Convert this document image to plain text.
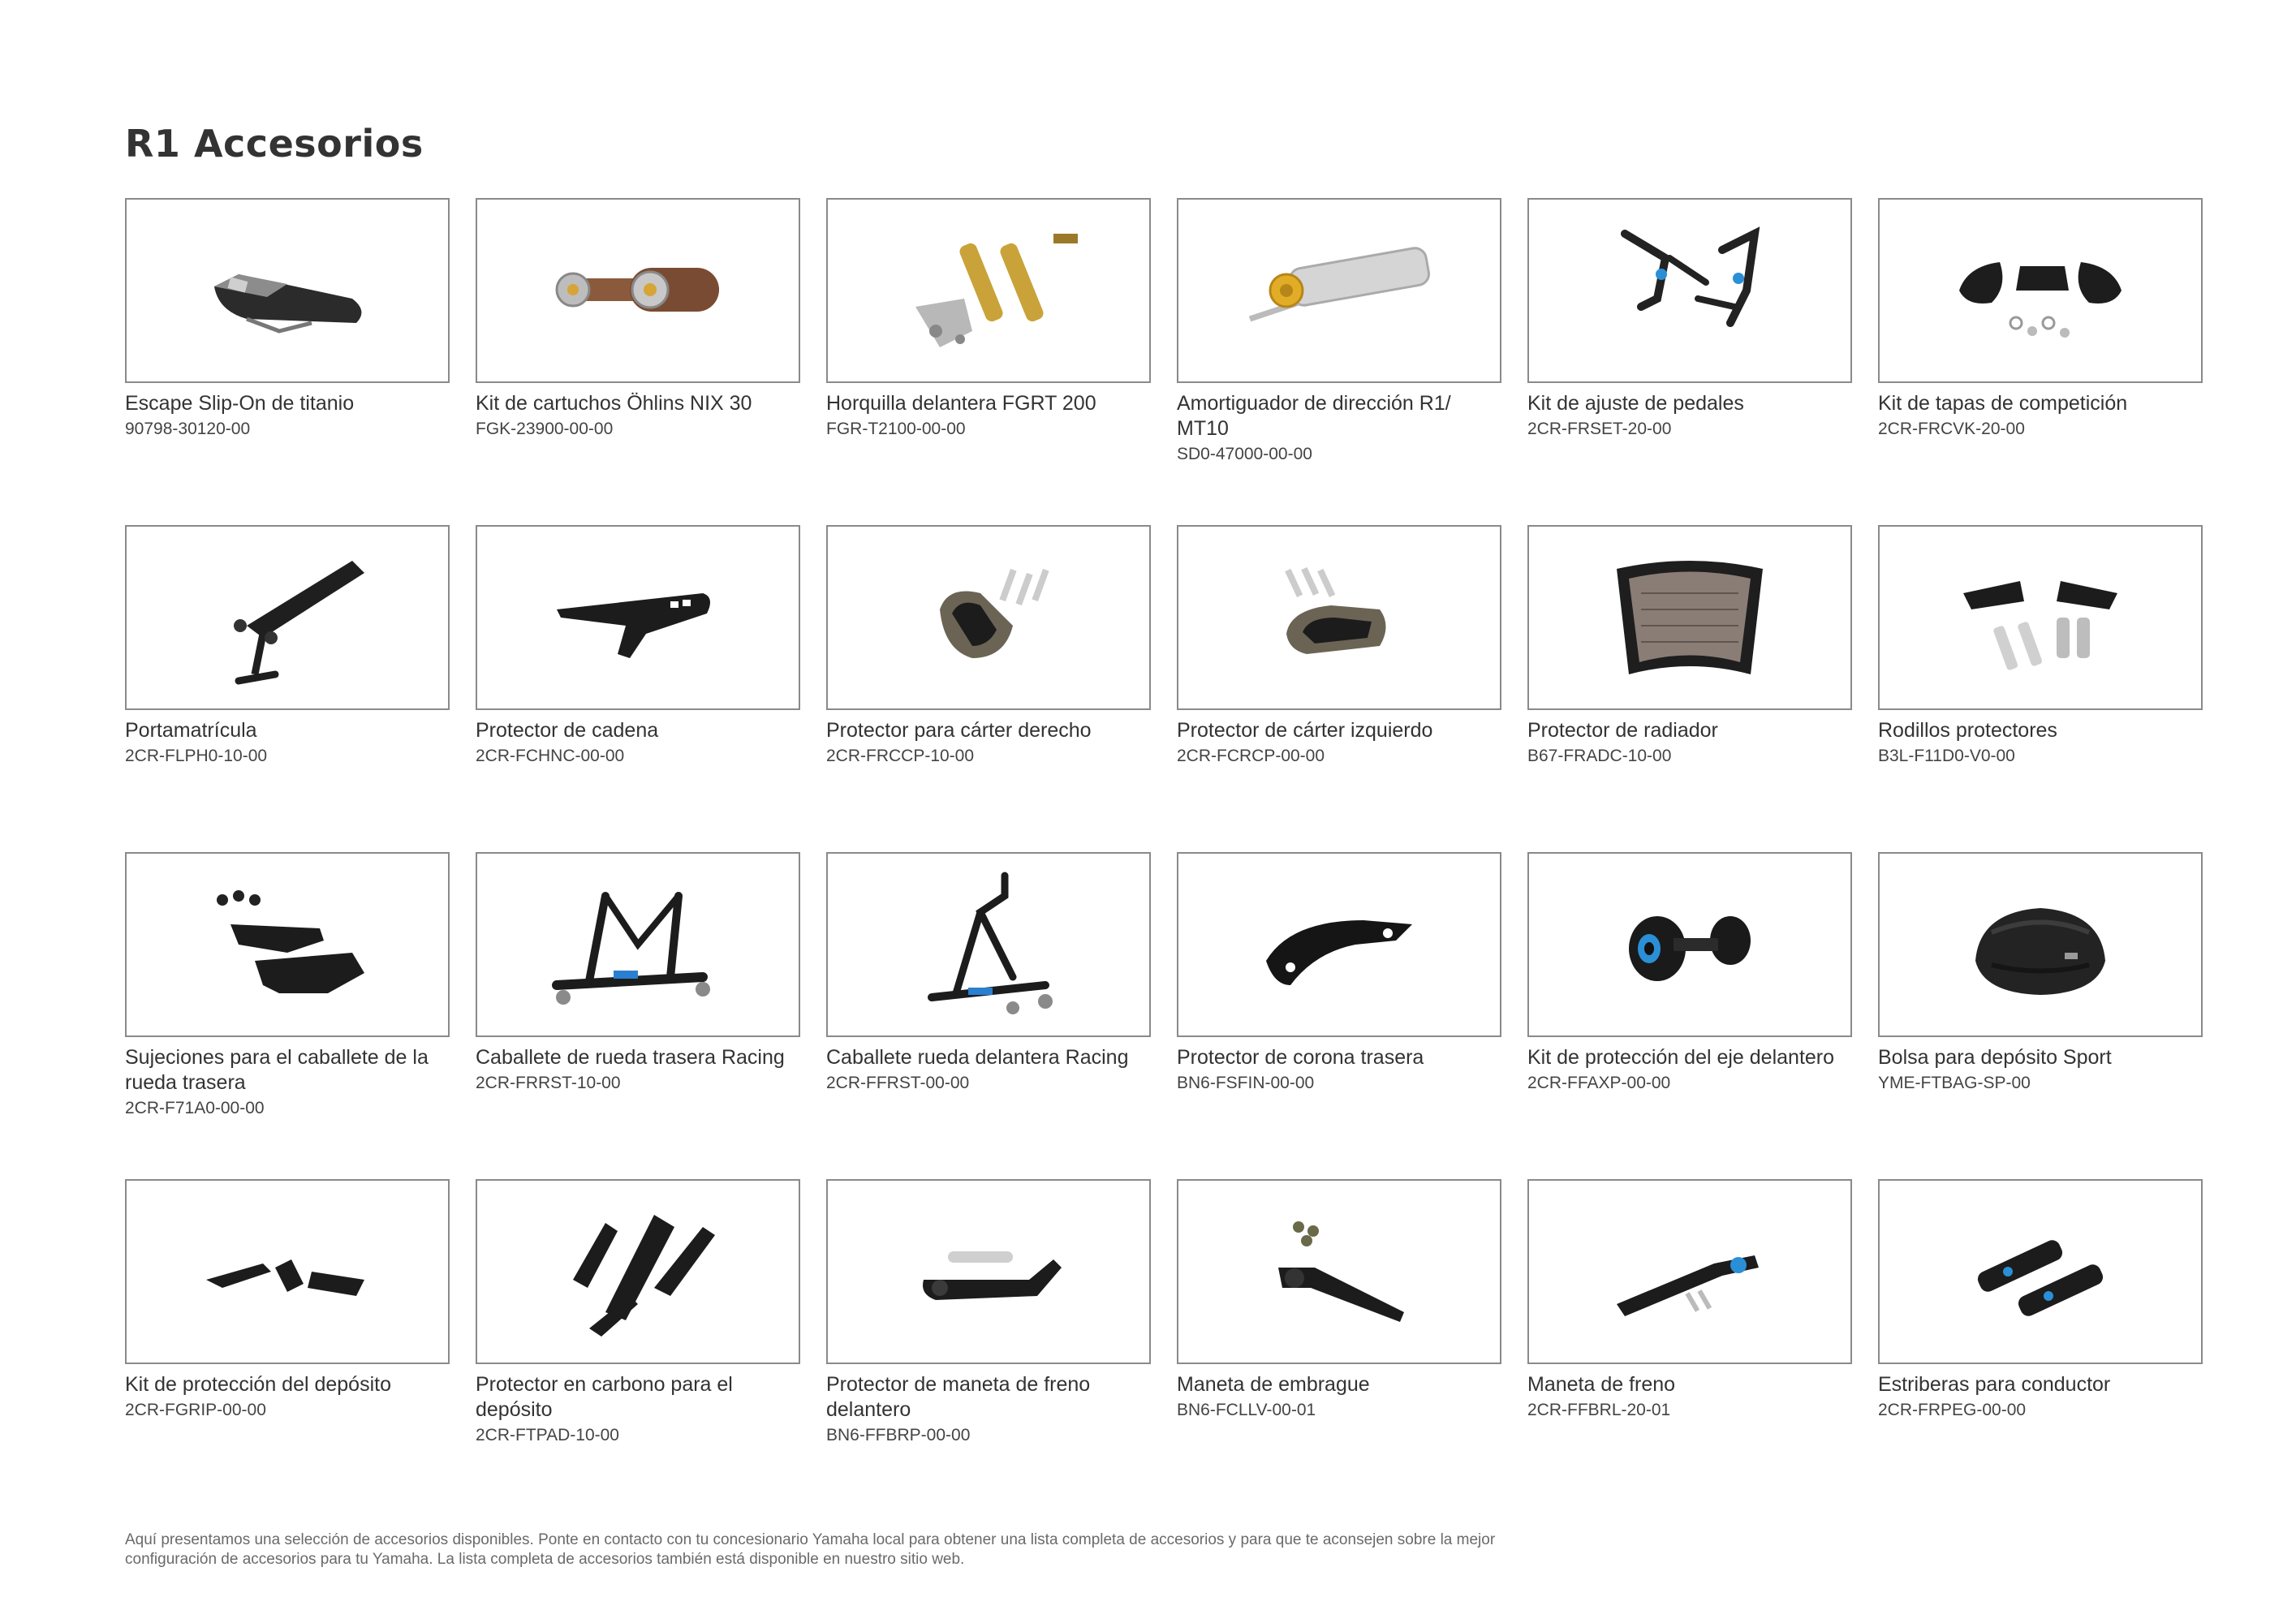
R1 Accesorios
Escape Slip-On de titanio
90798-30120-00
Kit de cartuchos Öhlins NIX 30
FGK-23900-00-00
Horquilla delantera FGRT 200
FGR-T2100-00-00
Amortiguador de dirección R1/ MT10
SD0-47000-00-00
Kit de ajuste de pedales
2CR-FRSET-20-00
Kit de tapas de competición
2CR-FRCVK-20-00
Portamatrícula
2CR-FLPH0-10-00
Protector de cadena
2CR-FCHNC-00-00
Protector para cárter derecho
2CR-FRCCP-10-00
Protector de cárter izquierdo
2CR-FCRCP-00-00
Protector de radiador
B67-FRADC-10-00
Rodillos protectores
B3L-F11D0-V0-00
Sujeciones para el caballete de la rueda trasera
2CR-F71A0-00-00
Caballete de rueda trasera Racing
2CR-FRRST-10-00
Caballete rueda delantera Racing
2CR-FFRST-00-00
Protector de corona trasera
BN6-FSFIN-00-00
Kit de protección del eje delantero
2CR-FFAXP-00-00
Bolsa para depósito Sport
YME-FTBAG-SP-00
Kit de protección del depósito
2CR-FGRIP-00-00
Protector en carbono para el depósito
2CR-FTPAD-10-00
Protector de maneta de freno delantero
BN6-FFBRP-00-00
Maneta de embrague
BN6-FCLLV-00-01
Maneta de freno
2CR-FFBRL-20-01
Estriberas para conductor
2CR-FRPEG-00-00

Aquí presentamos una selección de accesorios disponibles. Ponte en contacto con tu concesionario Yamaha local para obtener una lista completa de accesorios y para que te aconsejen sobre la mejor configuración de accesorios para tu Yamaha. La lista completa de accesorios también está disponible en nuestro sitio web.
